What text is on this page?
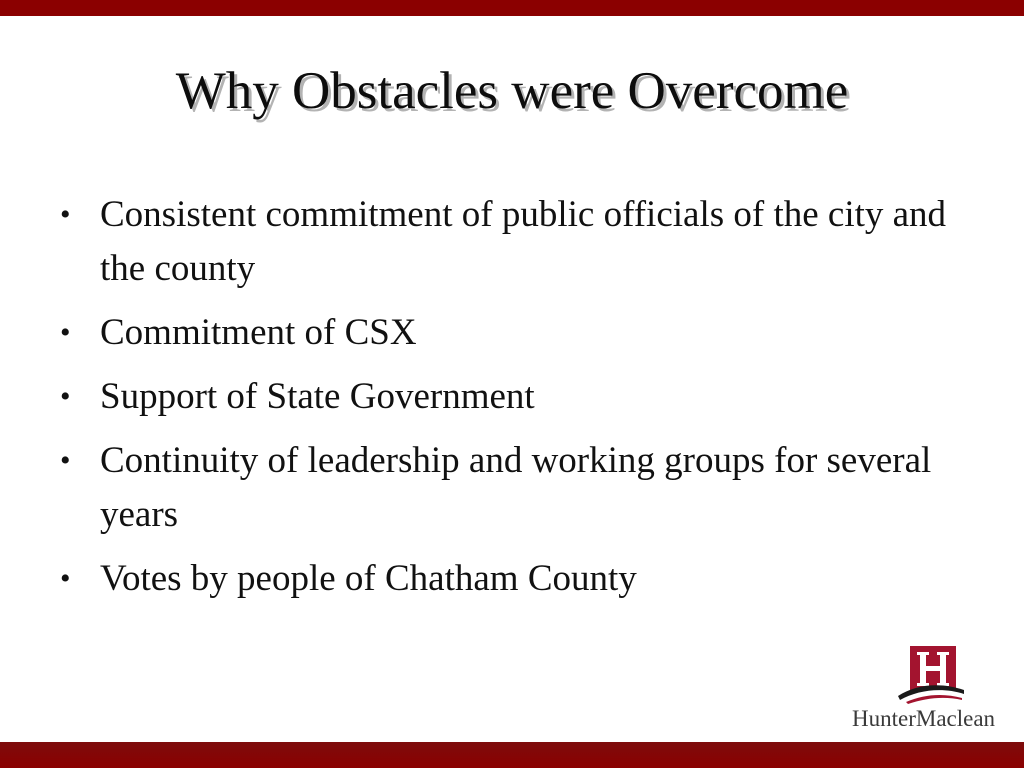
Why Obstacles were Overcome
• Consistent commitment of public officials of the city and the county
• Commitment of CSX
• Support of State Government
• Continuity of leadership and working groups for several years
• Votes by people of Chatham County
HunterMaclean
